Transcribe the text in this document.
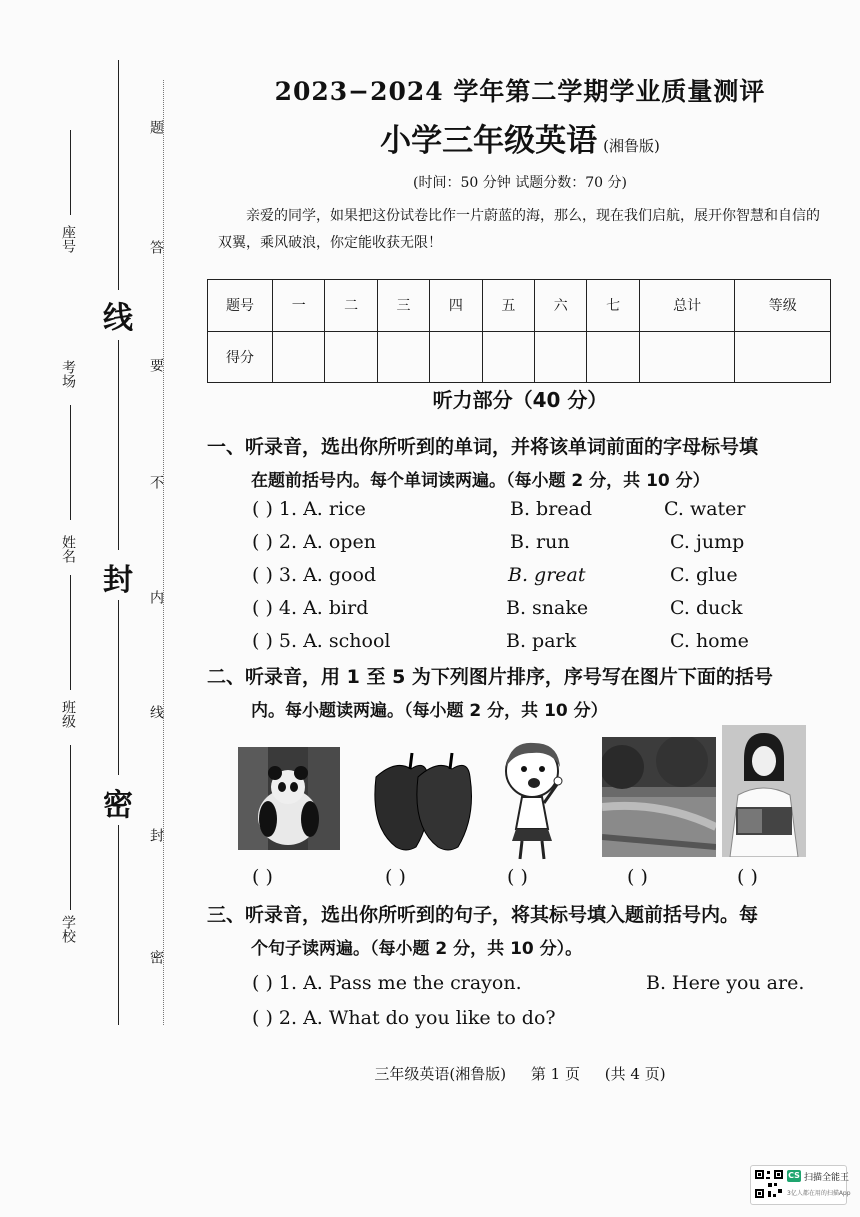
座号
考场
姓名
班级
学校
线
封
密
题
答
要
不
内
线
封
密
2023−2024 学年第二学期学业质量测评
小学三年级英语 (湘鲁版)
(时间：50 分钟 试题分数：70 分)
亲爱的同学，如果把这份试卷比作一片蔚蓝的海，那么，现在我们启航，展开你智慧和自信的双翼，乘风破浪，你定能收获无限！
题号	一	二	三	四	五	六	七	总计	等级
得分									
听力部分（40 分）
一、听录音，选出你所听到的单词，并将该单词前面的字母标号填
在题前括号内。每个单词读两遍。（每小题 2 分，共 10 分）
( ) 1. A. rice	B. bread	C. water
( ) 2. A. open	B. run	C. jump
( ) 3. A. good	B. great	C. glue
( ) 4. A. bird	B. snake	C. duck
( ) 5. A. school	B. park	C. home
二、听录音，用 1 至 5 为下列图片排序，序号写在图片下面的括号
内。每小题读两遍。（每小题 2 分，共 10 分）
( )	( )	( )	( )	( )
三、听录音，选出你所听到的句子，将其标号填入题前括号内。每
个句子读两遍。（每小题 2 分，共 10 分）。
( ) 1. A. Pass me the crayon.	B. Here you are.
( ) 2. A. What do you like to do?
三年级英语(湘鲁版) 第 1 页 (共 4 页)
CS 扫描全能王
3亿人都在用的扫描App
